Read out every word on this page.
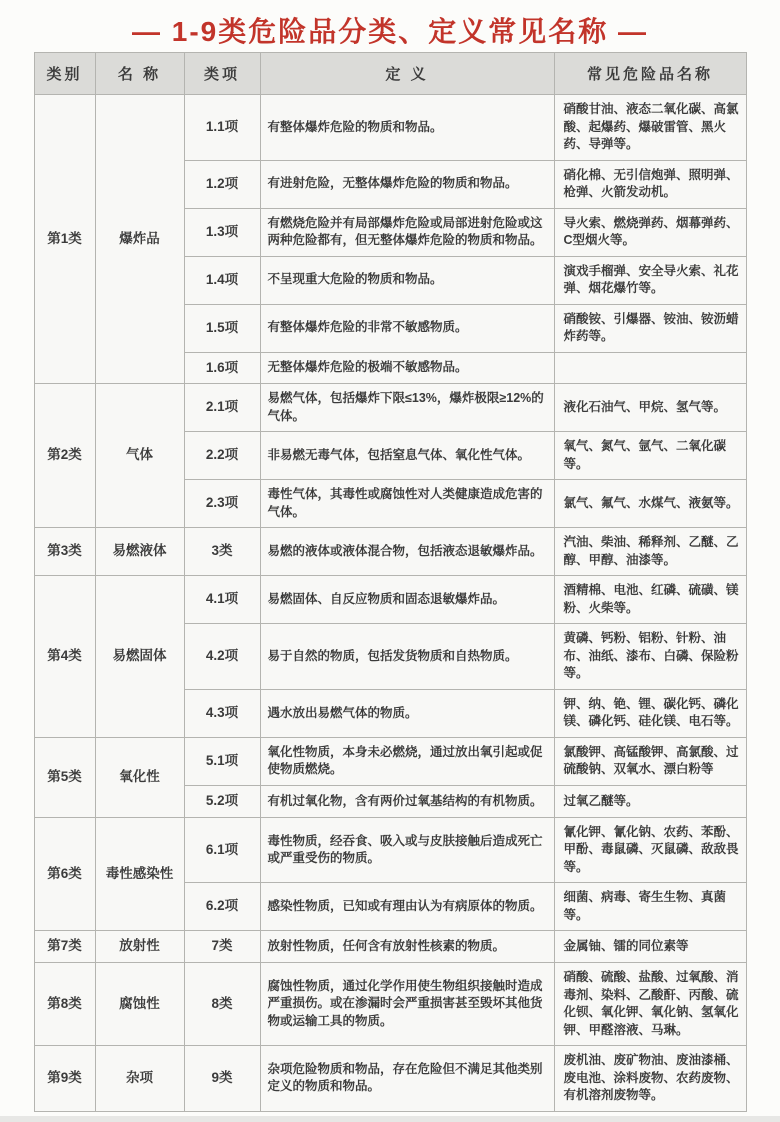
— 1-9类危险品分类、定义常见名称 —
类别	名 称	类项	定 义	常见危险品名称
第1类	爆炸品	1.1项	有整体爆炸危险的物质和物品。	硝酸甘油、液态二氧化碳、高氯酸、起爆药、爆破雷管、黑火药、导弹等。
		1.2项	有进射危险，无整体爆炸危险的物质和物品。	硝化棉、无引信炮弹、照明弹、枪弹、火箭发动机。
		1.3项	有燃烧危险并有局部爆炸危险或局部进射危险或这两种危险都有，但无整体爆炸危险的物质和物品。	导火索、燃烧弹药、烟幕弹药、C型烟火等。
		1.4项	不呈现重大危险的物质和物品。	演戏手榴弹、安全导火索、礼花弹、烟花爆竹等。
		1.5项	有整体爆炸危险的非常不敏感物质。	硝酸铵、引爆器、铵油、铵沥蜡炸药等。
		1.6项	无整体爆炸危险的极端不敏感物品。	
第2类	气体	2.1项	易燃气体，包括爆炸下限≤13%，爆炸极限≥12%的气体。	液化石油气、甲烷、氢气等。
		2.2项	非易燃无毒气体，包括窒息气体、氧化性气体。	氧气、氮气、氩气、二氧化碳等。
		2.3项	毒性气体，其毒性或腐蚀性对人类健康造成危害的气体。	氯气、氟气、水煤气、液氨等。
第3类	易燃液体	3类	易燃的液体或液体混合物，包括液态退敏爆炸品。	汽油、柴油、稀释剂、乙醚、乙醇、甲醇、油漆等。
第4类	易燃固体	4.1项	易燃固体、自反应物质和固态退敏爆炸品。	酒精棉、电池、红磷、硫磺、镁粉、火柴等。
		4.2项	易于自然的物质，包括发货物质和自热物质。	黄磷、钙粉、铝粉、针粉、油布、油纸、漆布、白磷、保险粉等。
		4.3项	遇水放出易燃气体的物质。	钾、纳、铯、锂、碳化钙、磷化镁、磷化钙、硅化镁、电石等。
第5类	氧化性	5.1项	氧化性物质，本身未必燃烧，通过放出氧引起或促使物质燃烧。	氯酸钾、高锰酸钾、高氯酸、过硫酸钠、双氧水、漂白粉等
		5.2项	有机过氧化物，含有两价过氧基结构的有机物质。	过氧乙醚等。
第6类	毒性感染性	6.1项	毒性物质，经吞食、吸入或与皮肤接触后造成死亡或严重受伤的物质。	氰化钾、氰化钠、农药、苯酚、甲酚、毒鼠磷、灭鼠磷、敌敌畏等。
		6.2项	感染性物质，已知或有理由认为有病原体的物质。	细菌、病毒、寄生生物、真菌等。
第7类	放射性	7类	放射性物质，任何含有放射性核素的物质。	金属铀、镭的同位素等
第8类	腐蚀性	8类	腐蚀性物质，通过化学作用使生物组织接触时造成严重损伤。或在渗漏时会严重损害甚至毁坏其他货物或运输工具的物质。	硝酸、硫酸、盐酸、过氧酸、消毒剂、染料、乙酸酐、丙酸、硫化钡、氧化钾、氧化钠、氢氧化钾、甲醛溶液、马琳。
第9类	杂项	9类	杂项危险物质和物品，存在危险但不满足其他类别定义的物质和物品。	废机油、废矿物油、废油漆桶、废电池、涂料废物、农药废物、有机溶剂废物等。
